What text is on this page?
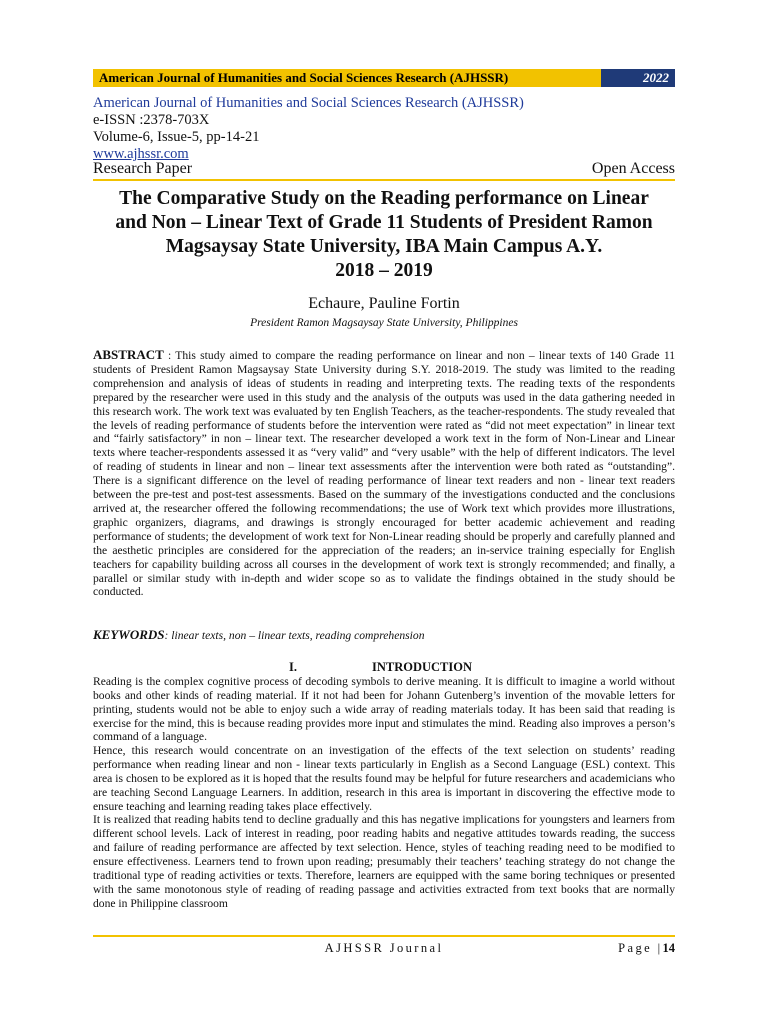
American Journal of Humanities and Social Sciences Research (AJHSSR)	2022
American Journal of Humanities and Social Sciences Research (AJHSSR)
e-ISSN :2378-703X
Volume-6, Issue-5, pp-14-21
www.ajhssr.com
Research Paper	Open Access
The Comparative Study on the Reading performance on Linear
and Non – Linear Text of Grade 11 Students of President Ramon
Magsaysay State University, IBA Main Campus A.Y.
2018 – 2019
Echaure, Pauline Fortin
President Ramon Magsaysay State University, Philippines
ABSTRACT : This study aimed to compare the reading performance on linear and non – linear texts of 140 Grade 11 students of President Ramon Magsaysay State University during S.Y. 2018-2019. The study was limited to the reading comprehension and analysis of ideas of students in reading and interpreting texts. The reading texts of the respondents prepared by the researcher were used in this study and the analysis of the outputs was used in the data gathering needed in this research work. The work text was evaluated by ten English Teachers, as the teacher-respondents. The study revealed that the levels of reading performance of students before the intervention were rated as “did not meet expectation” in linear text and “fairly satisfactory” in non – linear text. The researcher developed a work text in the form of Non-Linear and Linear texts where teacher-respondents assessed it as “very valid” and “very usable” with the help of different indicators. The level of reading of students in linear and non – linear text assessments after the intervention were both rated as “outstanding”. There is a significant difference on the level of reading performance of linear text readers and non - linear text readers between the pre-test and post-test assessments. Based on the summary of the investigations conducted and the conclusions arrived at, the researcher offered the following recommendations; the use of Work text which provides more illustrations, graphic organizers, diagrams, and drawings is strongly encouraged for better academic achievement and reading performance of students; the development of work text for Non-Linear reading should be properly and carefully planned and the aesthetic principles are considered for the appreciation of the readers; an in-service training especially for English teachers for capability building across all courses in the development of work text is strongly recommended; and finally, a parallel or similar study with in-depth and wider scope so as to validate the findings obtained in the study should be conducted.
KEYWORDS: linear texts, non – linear texts, reading comprehension
I.	INTRODUCTION

Reading is the complex cognitive process of decoding symbols to derive meaning. It is difficult to imagine a world without books and other kinds of reading material. If it not had been for Johann Gutenberg’s invention of the movable letters for printing, students would not be able to enjoy such a wide array of reading materials today. It has been said that reading is exercise for the mind, this is because reading provides more input and stimulates the mind. Reading also improves a person’s command of a language.

Hence, this research would concentrate on an investigation of the effects of the text selection on students’ reading performance when reading linear and non - linear texts particularly in English as a Second Language (ESL) context. This area is chosen to be explored as it is hoped that the results found may be helpful for future researchers and academicians who are teaching Second Language Learners. In addition, research in this area is important in discovering the effective mode to ensure teaching and learning reading takes place effectively.

It is realized that reading habits tend to decline gradually and this has negative implications for youngsters and learners from different school levels. Lack of interest in reading, poor reading habits and negative attitudes towards reading, the success and failure of reading performance are affected by text selection. Hence, styles of teaching reading need to be modified to ensure effectiveness. Learners tend to frown upon reading; presumably their teachers’ teaching strategy do not change the traditional type of reading activities or texts. Therefore, learners are equipped with the same boring techniques or presented with the same monotonous style of reading of reading passage and activities extracted from text books that are normally done in Philippine classroom

AJHSSR Journal	Page |14
